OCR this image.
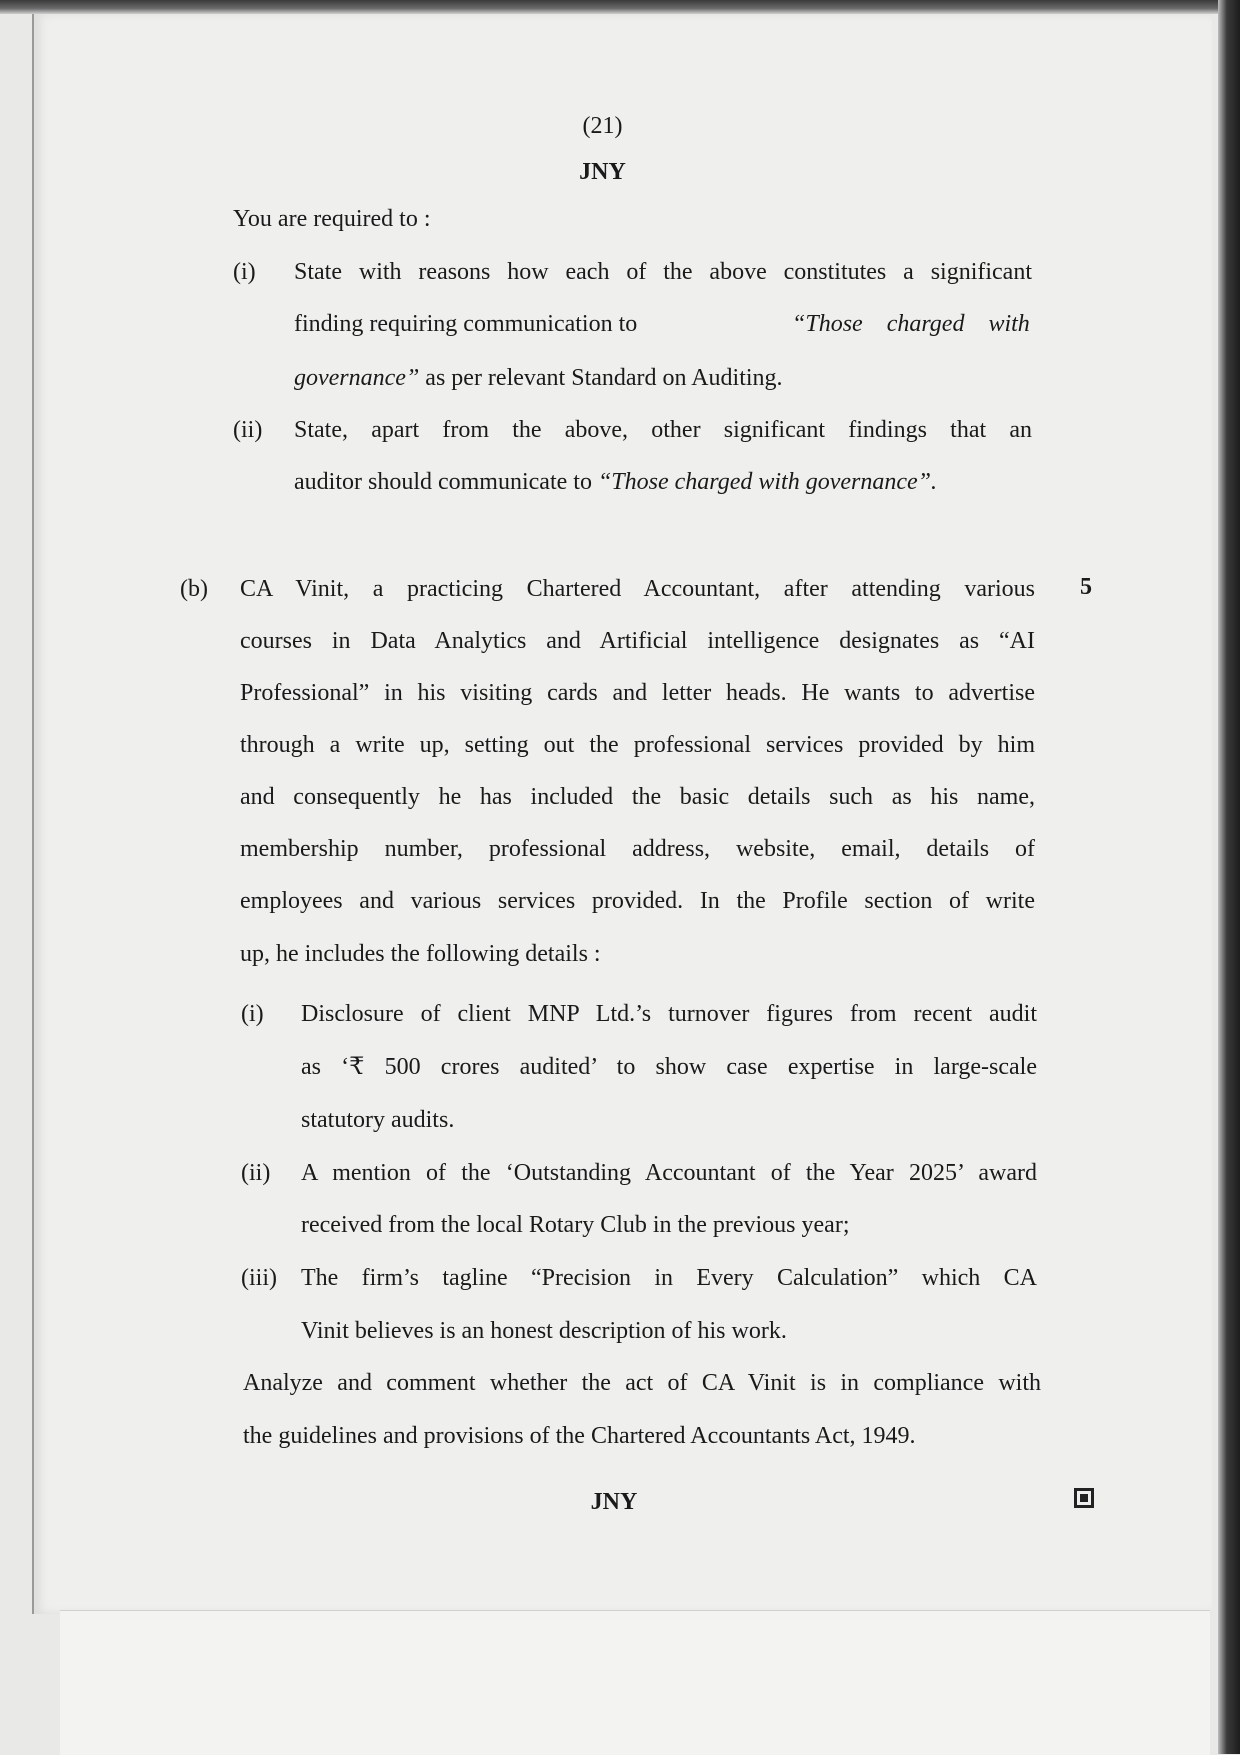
(21)
JNY
You are required to :
(i) State with reasons how each of the above constitutes a significant
finding requiring communication to	“Those charged with
governance” as per relevant Standard on Auditing.
(ii) State, apart from the above, other significant findings that an
auditor should communicate to “Those charged with governance”.
(b)	5
CA Vinit, a practicing Chartered Accountant, after attending various
courses in Data Analytics and Artificial intelligence designates as “AI
Professional” in his visiting cards and letter heads. He wants to advertise
through a write up, setting out the professional services provided by him
and consequently he has included the basic details such as his name,
membership number, professional address, website, email, details of
employees and various services provided. In the Profile section of write
up, he includes the following details :
(i) Disclosure of client MNP Ltd.’s turnover figures from recent audit
as ‘₹ 500 crores audited’ to show case expertise in large-scale
statutory audits.
(ii) A mention of the ‘Outstanding Accountant of the Year 2025’ award
received from the local Rotary Club in the previous year;
(iii) The firm’s tagline “Precision in Every Calculation” which CA
Vinit believes is an honest description of his work.
Analyze and comment whether the act of CA Vinit is in compliance with
the guidelines and provisions of the Chartered Accountants Act, 1949.
JNY
